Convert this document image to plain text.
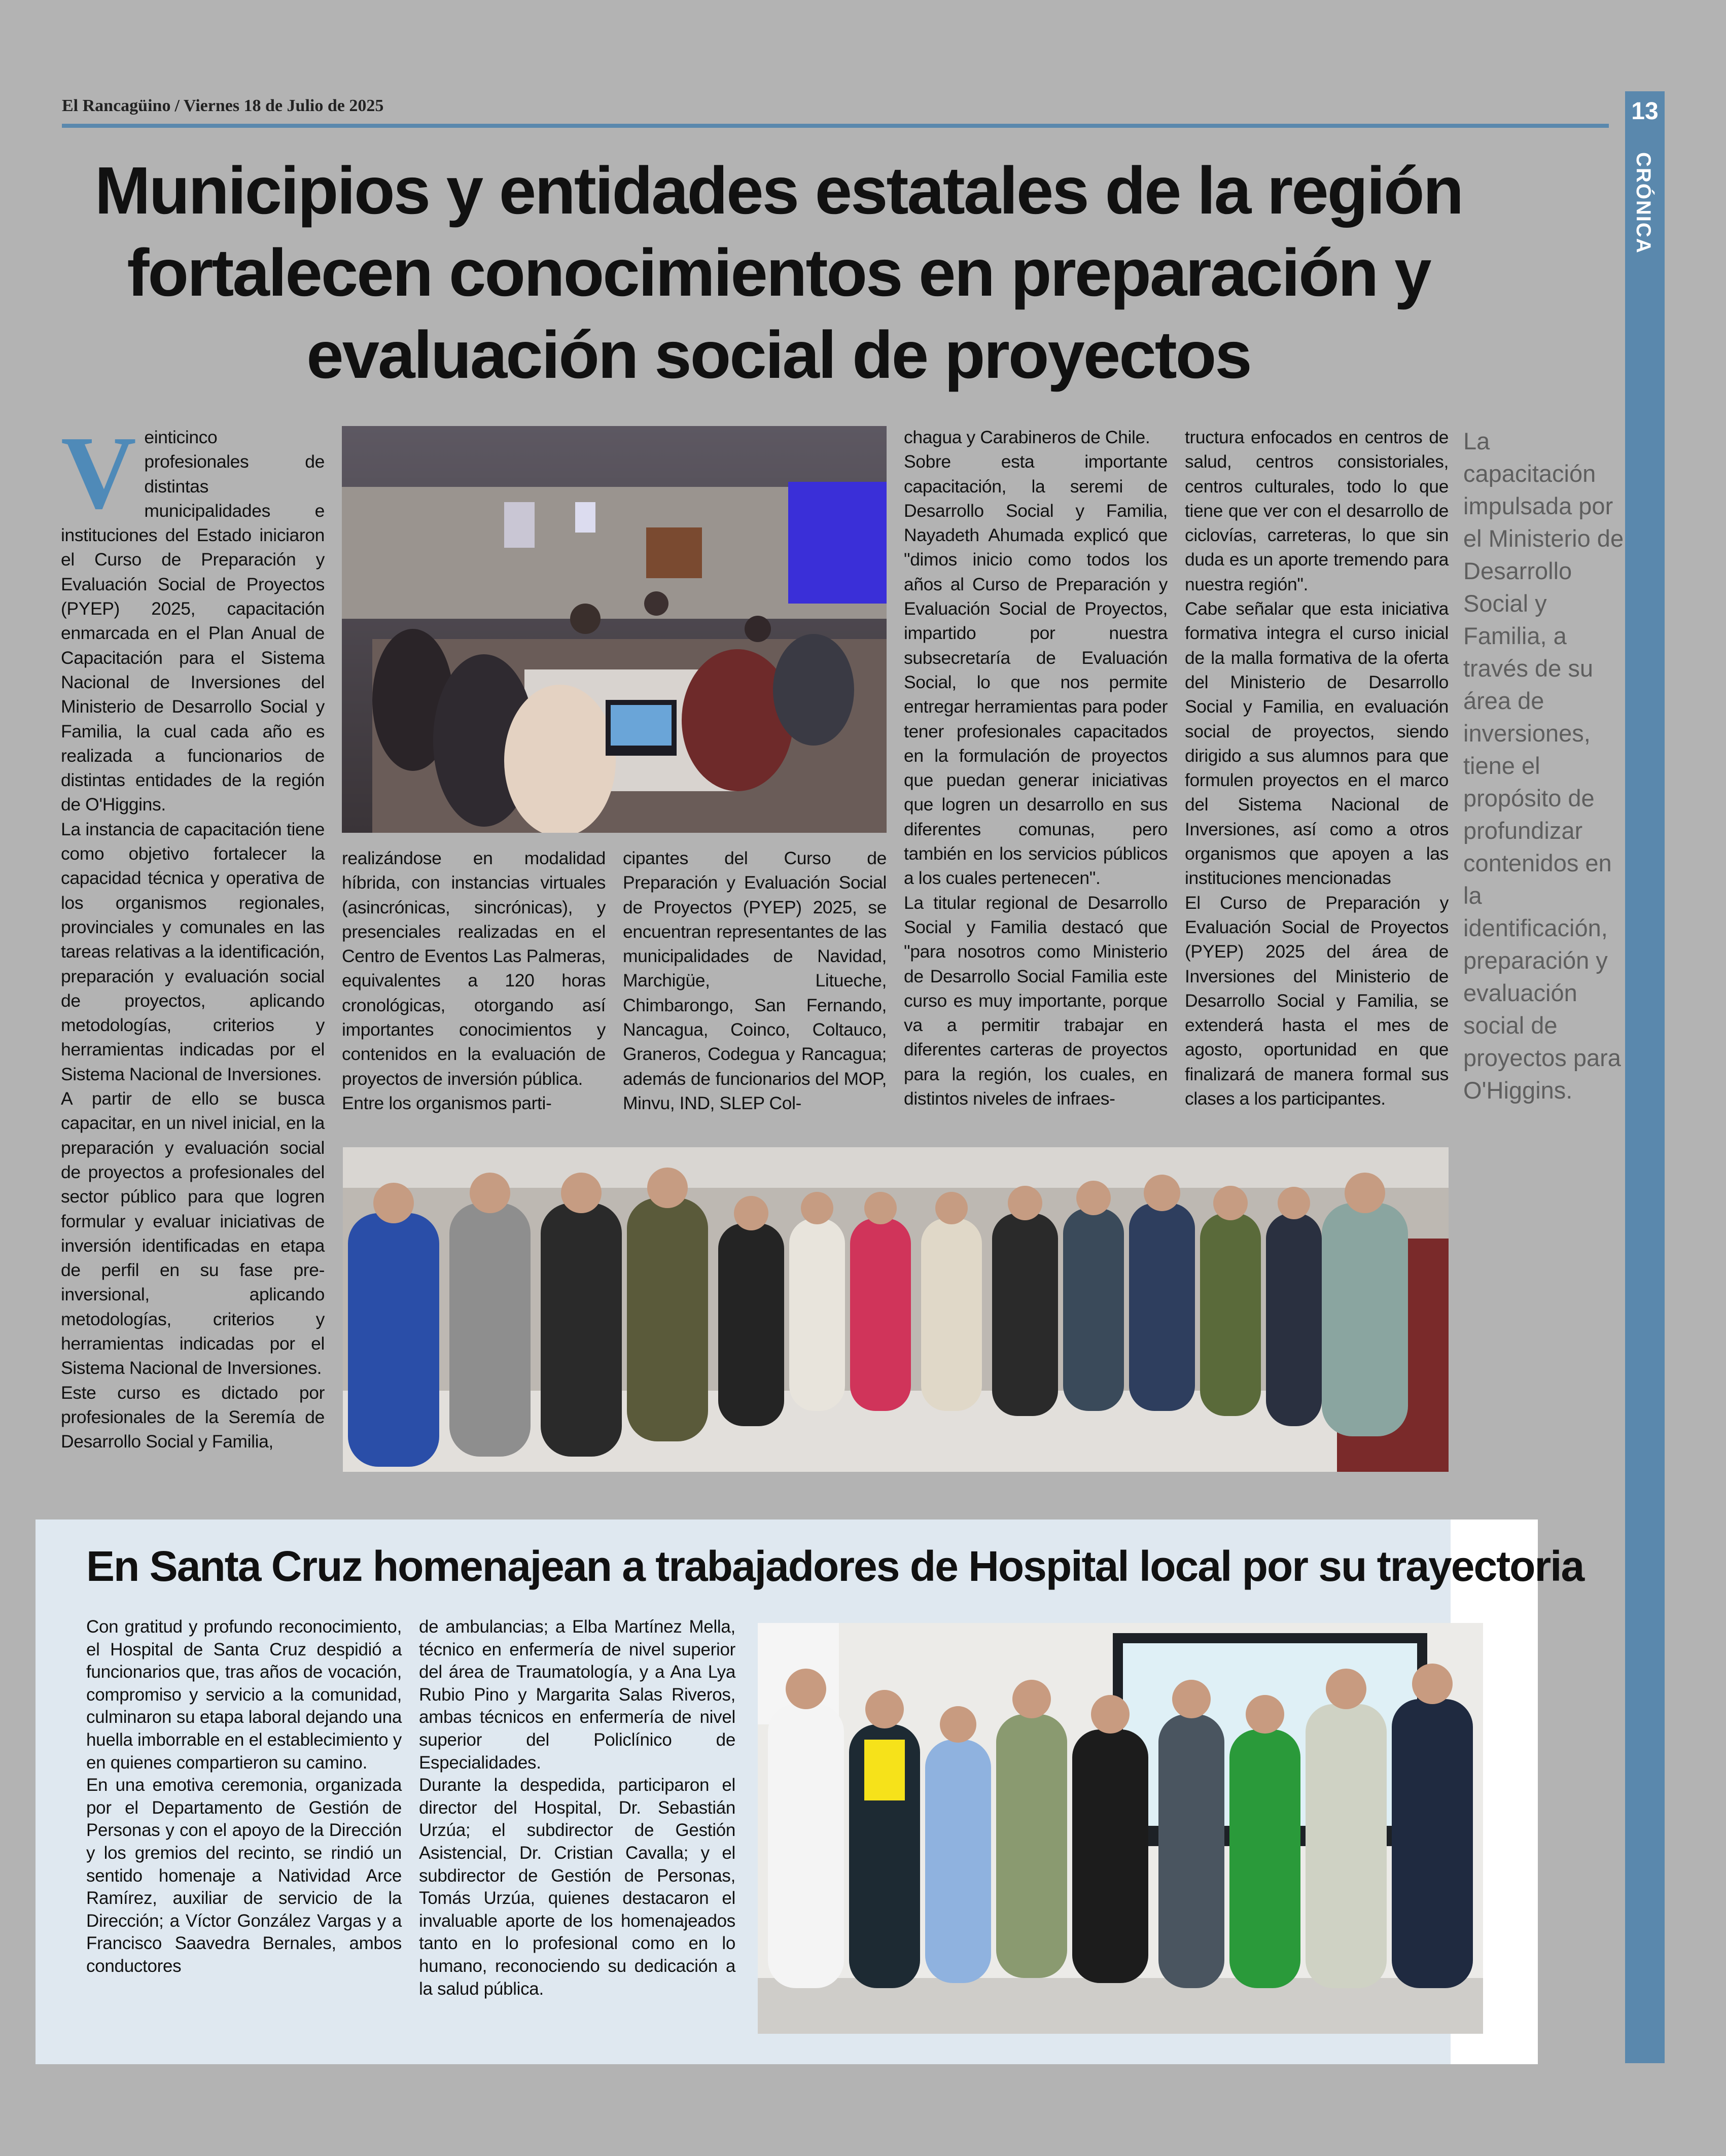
El Rancagüino / Viernes 18 de Julio de 2025	13
CRÓNICA
Municipios y entidades estatales de la región fortalecen conocimientos en preparación y evaluación social de proyectos

Veinticinco profesionales de distintas municipalidades e instituciones del Estado iniciaron el Curso de Preparación y Evaluación Social de Proyectos (PYEP) 2025, capacitación enmarcada en el Plan Anual de Capacitación para el Sistema Nacional de Inversiones del Ministerio de Desarrollo Social y Familia, la cual cada año es realizada a funcionarios de distintas entidades de la región de O'Higgins.

La instancia de capacitación tiene como objetivo fortalecer la capacidad técnica y operativa de los organismos regionales, provinciales y comunales en las tareas relativas a la identificación, preparación y evaluación social de proyectos, aplicando metodologías, criterios y herramientas indicadas por el Sistema Nacional de Inversiones.

A partir de ello se busca capacitar, en un nivel inicial, en la preparación y evaluación social de proyectos a profesionales del sector público para que logren formular y evaluar iniciativas de inversión identificadas en etapa de perfil en su fase pre-inversional, aplicando metodologías, criterios y herramientas indicadas por el Sistema Nacional de Inversiones.

Este curso es dictado por profesionales de la Seremía de Desarrollo Social y Familia,

realizándose en modalidad híbrida, con instancias virtuales (asincrónicas, sincrónicas), y presenciales realizadas en el Centro de Eventos Las Palmeras, equivalentes a 120 horas cronológicas, otorgando así importantes conocimientos y contenidos en la evaluación de proyectos de inversión pública.

Entre los organismos parti-

cipantes del Curso de Preparación y Evaluación Social de Proyectos (PYEP) 2025, se encuentran representantes de las municipalidades de Navidad, Marchigüe, Litueche, Chimbarongo, San Fernando, Nancagua, Coinco, Coltauco, Graneros, Codegua y Rancagua; además de funcionarios del MOP, Minvu, IND, SLEP Col-

chagua y Carabineros de Chile.

Sobre esta importante capacitación, la seremi de Desarrollo Social y Familia, Nayadeth Ahumada explicó que "dimos inicio como todos los años al Curso de Preparación y Evaluación Social de Proyectos, impartido por nuestra subsecretaría de Evaluación Social, lo que nos permite entregar herramientas para poder tener profesionales capacitados en la formulación de proyectos que puedan generar iniciativas que logren un desarrollo en sus diferentes comunas, pero también en los servicios públicos a los cuales pertenecen".

La titular regional de Desarrollo Social y Familia destacó que "para nosotros como Ministerio de Desarrollo Social Familia este curso es muy importante, porque va a permitir trabajar en diferentes carteras de proyectos para la región, los cuales, en distintos niveles de infraes-

tructura enfocados en centros de salud, centros consistoriales, centros culturales, todo lo que tiene que ver con el desarrollo de ciclovías, carreteras, lo que sin duda es un aporte tremendo para nuestra región".

Cabe señalar que esta iniciativa formativa integra el curso inicial de la malla formativa de la oferta del Ministerio de Desarrollo Social y Familia, en evaluación social de proyectos, siendo dirigido a sus alumnos para que formulen proyectos en el marco del Sistema Nacional de Inversiones, así como a otros organismos que apoyen a las instituciones mencionadas

El Curso de Preparación y Evaluación Social de Proyectos (PYEP) 2025 del área de Inversiones del Ministerio de Desarrollo Social y Familia, se extenderá hasta el mes de agosto, oportunidad en que finalizará de manera formal sus clases a los participantes.

La capacitación impulsada por el Ministerio de Desarrollo Social y Familia, a través de su área de inversiones, tiene el propósito de profundizar contenidos en la identificación, preparación y evaluación social de proyectos para O'Higgins.
En Santa Cruz homenajean a trabajadores de Hospital local por su trayectoria

Con gratitud y profundo reconocimiento, el Hospital de Santa Cruz despidió a funcionarios que, tras años de vocación, compromiso y servicio a la comunidad, culminaron su etapa laboral dejando una huella imborrable en el establecimiento y en quienes compartieron su camino.

En una emotiva ceremonia, organizada por el Departamento de Gestión de Personas y con el apoyo de la Dirección y los gremios del recinto, se rindió un sentido homenaje a Natividad Arce Ramírez, auxiliar de servicio de la Dirección; a Víctor González Vargas y a Francisco Saavedra Bernales, ambos conductores

de ambulancias; a Elba Martínez Mella, técnico en enfermería de nivel superior del área de Traumatología, y a Ana Lya Rubio Pino y Margarita Salas Riveros, ambas técnicos en enfermería de nivel superior del Policlínico de Especialidades.

Durante la despedida, participaron el director del Hospital, Dr. Sebastián Urzúa; el subdirector de Gestión Asistencial, Dr. Cristian Cavalla; y el subdirector de Gestión de Personas, Tomás Urzúa, quienes destacaron el invaluable aporte de los homenajeados tanto en lo profesional como en lo humano, reconociendo su dedicación a la salud pública.
